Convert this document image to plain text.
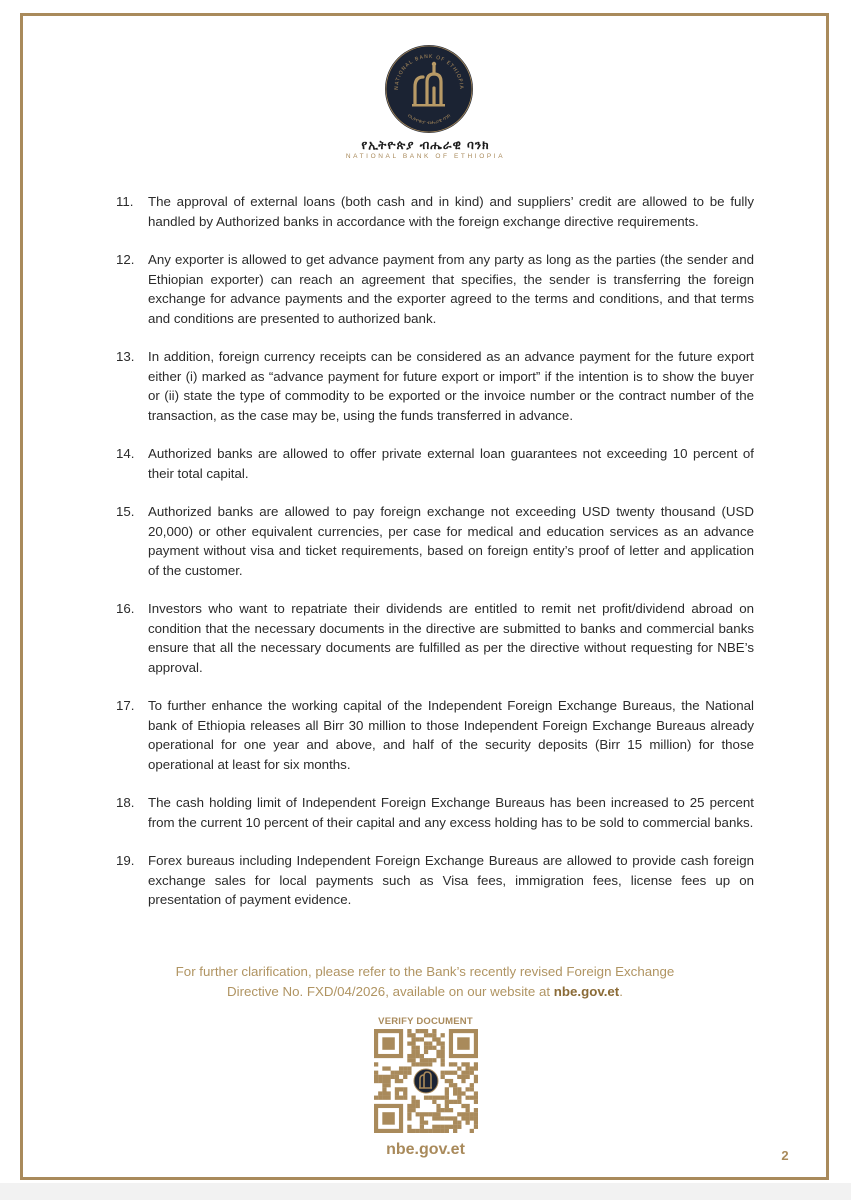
NATIONAL BANK OF ETHIOPIA
የኢትዮጵያ ብሔራዊ ባንክ
የኢትዮጵያ ብሔራዊ ባንክ
NATIONAL BANK OF ETHIOPIA
11.	The approval of external loans (both cash and in kind) and suppliers’ credit are allowed to be fully handled by Authorized banks in accordance with the foreign exchange directive requirements.
12.	Any exporter is allowed to get advance payment from any party as long as the parties (the sender and Ethiopian exporter) can reach an agreement that specifies, the sender is transferring the foreign exchange for advance payments and the exporter agreed to the terms and conditions, and that terms and conditions are presented to authorized bank.
13.	In addition, foreign currency receipts can be considered as an advance payment for the future export either (i) marked as “advance payment for future export or import” if the intention is to show the buyer or (ii) state the type of commodity to be exported or the invoice number or the contract number of the transaction, as the case may be, using the funds transferred in advance.
14.	Authorized banks are allowed to offer private external loan guarantees not exceeding 10 percent of their total capital.
15.	Authorized banks are allowed to pay foreign exchange not exceeding USD twenty thousand (USD 20,000) or other equivalent currencies, per case for medical and education services as an advance payment without visa and ticket requirements, based on foreign entity’s proof of letter and application of the customer.
16.	Investors who want to repatriate their dividends are entitled to remit net profit/dividend abroad on condition that the necessary documents in the directive are submitted to banks and commercial banks ensure that all the necessary documents are fulfilled as per the directive without requesting for NBE’s approval.
17.	To further enhance the working capital of the Independent Foreign Exchange Bureaus, the National bank of Ethiopia releases all Birr 30 million to those Independent Foreign Exchange Bureaus already operational for one year and above, and half of the security deposits (Birr 15 million) for those operational at least for six months.
18.	The cash holding limit of Independent Foreign Exchange Bureaus has been increased to 25 percent from the current 10 percent of their capital and any excess holding has to be sold to commercial banks.
19.	Forex bureaus including Independent Foreign Exchange Bureaus are allowed to provide cash foreign exchange sales for local payments such as Visa fees, immigration fees, license fees up on presentation of payment evidence.
For further clarification, please refer to the Bank’s recently revised Foreign Exchange
Directive No. FXD/04/2026, available on our website at nbe.gov.et.
VERIFY DOCUMENT
nbe.gov.et	2
